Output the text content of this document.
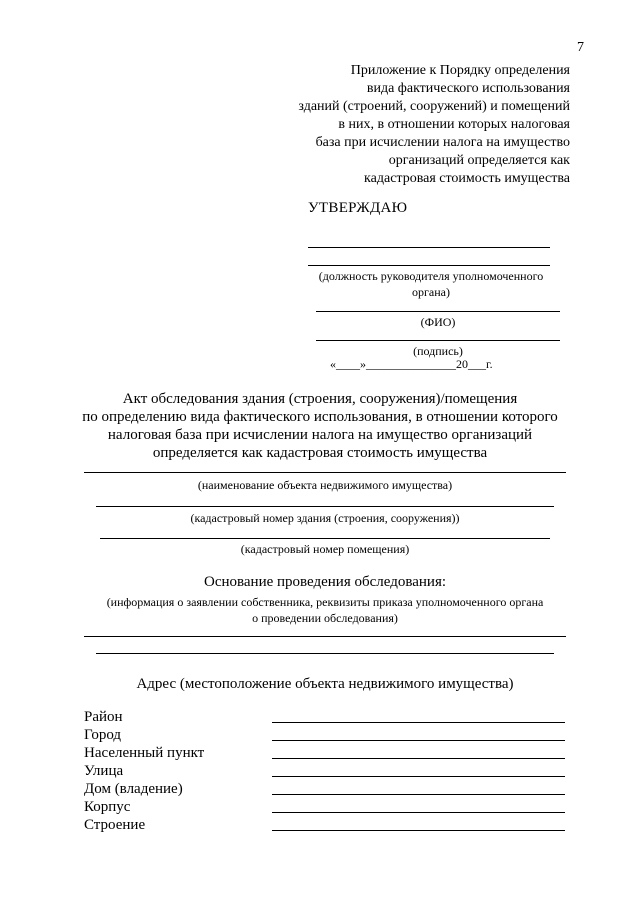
7
Приложение к Порядку определения
вида фактического использования
зданий (строений, сооружений) и помещений
в них, в отношении которых налоговая
база при исчислении налога на имущество
организаций определяется как
кадастровая стоимость имущества
УТВЕРЖДАЮ
(должность руководителя уполномоченного
органа)
(ФИО)
(подпись)
«____»_______________20___г.
Акт обследования здания (строения, сооружения)/помещения
по определению вида фактического использования, в отношении которого
налоговая база при исчислении налога на имущество организаций
определяется как кадастровая стоимость имущества
(наименование объекта недвижимого имущества)
(кадастровый номер здания (строения, сооружения))
(кадастровый номер помещения)
Основание проведения обследования:
(информация о заявлении собственника, реквизиты приказа уполномоченного органа
о проведении обследования)
Адрес (местоположение объекта недвижимого имущества)
Район
Город
Населенный пункт
Улица
Дом (владение)
Корпус
Строение
